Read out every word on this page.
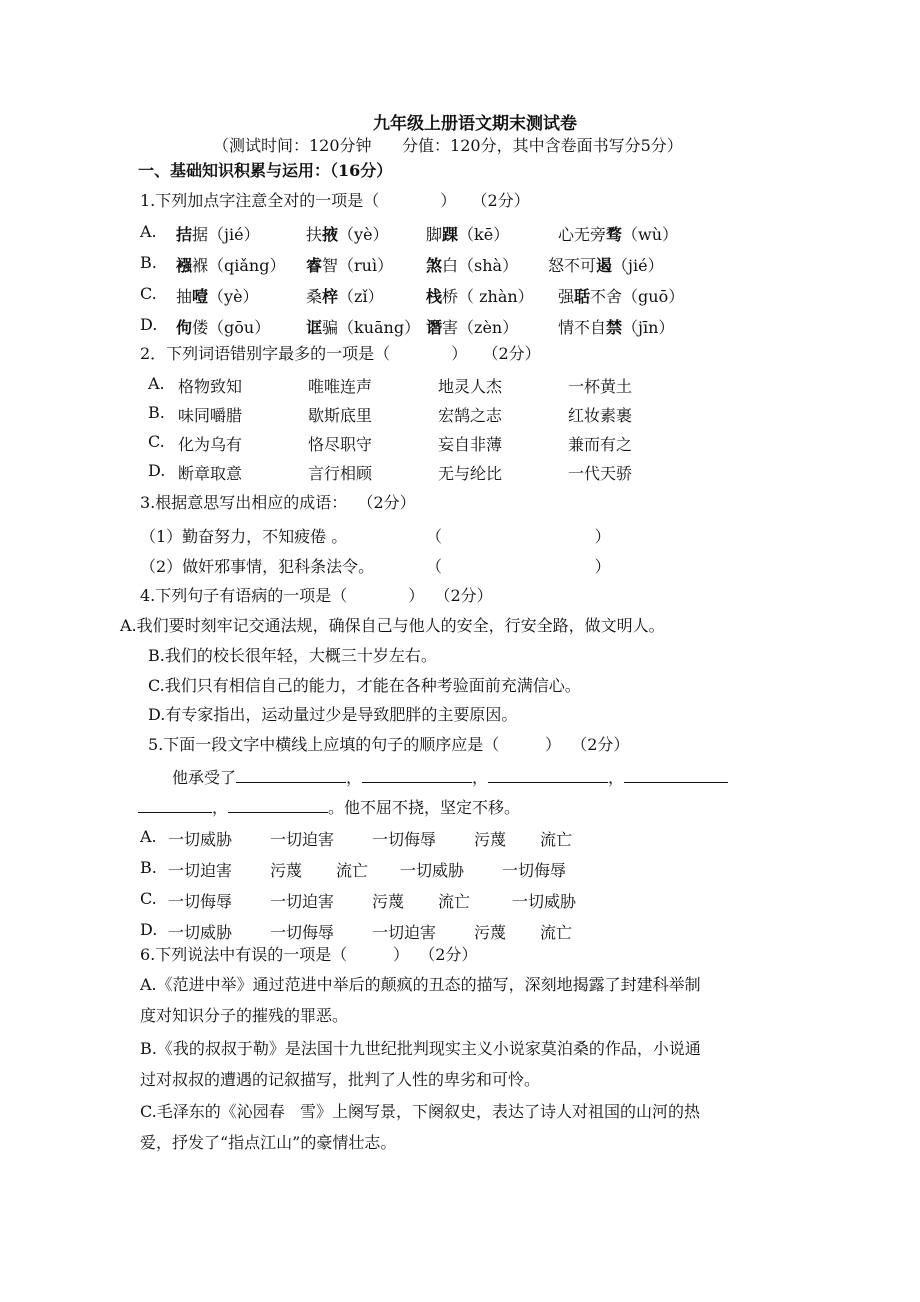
九年级上册语文期末测试卷
（测试时间：120分钟      分值：120分，其中含卷面书写分5分）
一、基础知识积累与运用：（16分）
1.下列加点字注意全对的一项是（            ）   （2分）
A. 拮据（jié）	扶掖（yè） 脚踝（kē）	心无旁骛（wù）
B. 襁褓（qiǎng） 睿智（ruì） 煞白（shà） 怒不可遏（jié）
C. 抽噎（yè）	桑梓（zǐ）	栈桥（ zhàn） 强聒不舍（guō）
D. 佝偻（gōu） 诓骗（kuāng） 谮害（zèn） 情不自禁（jīn）
2．下列词语错别字最多的一项是（            ）   （2分）
A. 格物致知	唯唯连声	地灵人杰	一杯黄土
B. 味同嚼腊	歇斯底里	宏鹄之志	红妆素裹
C. 化为乌有	恪尽职守	妄自非薄	兼而有之
D. 断章取意	言行相顾	无与纶比	一代天骄
3.根据意思写出相应的成语：  （2分）
（1）勤奋努力，不知疲倦 。	（                              ）
（2）做奸邪事情，犯科条法令。	（                              ）
4.下列句子有语病的一项是（            ）  （2分）
A.我们要时刻牢记交通法规，确保自己与他人的安全，行安全路，做文明人。
B.我们的校长很年轻，大概三十岁左右。
C.我们只有相信自己的能力，才能在各种考验面前充满信心。
D.有专家指出，运动量过少是导致肥胖的主要原因。
5.下面一段文字中横线上应填的句子的顺序应是（         ）  （2分）
他承受了	，	，	，
，	。他不屈不挠，坚定不移。
A. 一切威胁 一切迫害 一切侮辱 污蔑 流亡
B. 一切迫害 污蔑 流亡 一切威胁 一切侮辱
C. 一切侮辱 一切迫害 污蔑 流亡	一切威胁
D. 一切威胁 一切侮辱 一切迫害 污蔑 流亡
6.下列说法中有误的一项是（         ）  （2分）
A.《范进中举》通过范进中举后的颠疯的丑态的描写，深刻地揭露了封建科举制
度对知识分子的摧残的罪恶。
B.《我的叔叔于勒》是法国十九世纪批判现实主义小说家莫泊桑的作品，小说通
过对叔叔的遭遇的记叙描写，批判了人性的卑劣和可怜。
C.毛泽东的《沁园春   雪》上阕写景，下阕叙史，表达了诗人对祖国的山河的热
爱，抒发了“指点江山”的豪情壮志。
